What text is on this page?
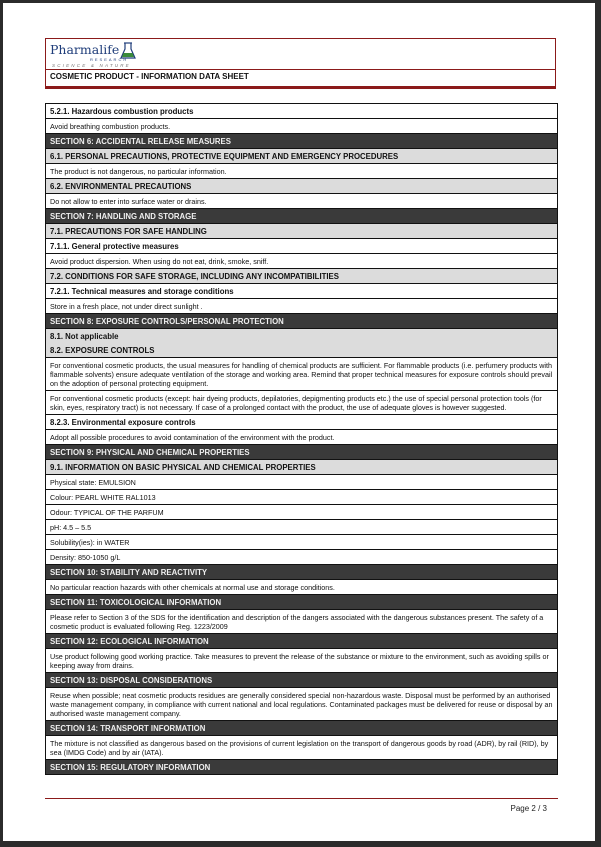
Pharmalife
RESEARCH
SCIENCE & NATURE
COSMETIC PRODUCT - INFORMATION DATA SHEET
5.2.1. Hazardous combustion products
Avoid breathing combustion products.
SECTION 6: ACCIDENTAL RELEASE MEASURES
6.1. PERSONAL PRECAUTIONS, PROTECTIVE EQUIPMENT AND EMERGENCY PROCEDURES
The product is not dangerous, no particular information.
6.2. ENVIRONMENTAL PRECAUTIONS
Do not allow to enter into surface water or drains.
SECTION 7: HANDLING AND STORAGE
7.1. PRECAUTIONS FOR SAFE HANDLING
7.1.1. General protective measures
Avoid product dispersion. When using do not eat, drink, smoke, sniff.
7.2. CONDITIONS FOR SAFE STORAGE, INCLUDING ANY INCOMPATIBILITIES
7.2.1. Technical measures and storage conditions
Store in a fresh place, not under direct sunlight .
SECTION 8: EXPOSURE CONTROLS/PERSONAL PROTECTION
8.1. Not applicable
8.2. EXPOSURE CONTROLS
For conventional cosmetic products, the usual measures for handling of chemical products are sufficient. For flammable products (i.e. perfumery products with flammable solvents) ensure adequate ventilation of the storage and working area. Remind that proper technical measures for exposure controls should prevail on the adoption of personal protecting equipment.
For conventional cosmetic products (except: hair dyeing products, depilatories, depigmenting products etc.) the use of special personal protection tools (for skin, eyes, respiratory tract) is not necessary. If case of a prolonged contact with the product, the use of adequate gloves is however suggested.
8.2.3. Environmental exposure controls
Adopt all possible procedures to avoid contamination of the environment with the product.
SECTION 9: PHYSICAL AND CHEMICAL PROPERTIES
9.1. INFORMATION ON BASIC PHYSICAL AND CHEMICAL PROPERTIES
Physical state: EMULSION
Colour: PEARL WHITE RAL1013
Odour: TYPICAL OF THE PARFUM
pH: 4.5 – 5.5
Solubility(ies): in WATER
Density: 850-1050 g/L
SECTION 10: STABILITY AND REACTIVITY
No particular reaction hazards with other chemicals at normal use and storage conditions.
SECTION 11: TOXICOLOGICAL INFORMATION
Please refer to Section 3 of the SDS for the identification and description of the dangers associated with the dangerous substances present. The safety of a cosmetic product is evaluated following Reg. 1223/2009
SECTION 12: ECOLOGICAL INFORMATION
Use product following good working practice. Take measures to prevent the release of the substance or mixture to the environment, such as avoiding spills or keeping away from drains.
SECTION 13: DISPOSAL CONSIDERATIONS
Reuse when possible; neat cosmetic products residues are generally considered special non-hazardous waste. Disposal must be performed by an authorised waste management company, in compliance with current national and local regulations. Contaminated packages must be delivered for reuse or disposal by an authorised waste management company.
SECTION 14: TRANSPORT INFORMATION
The mixture is not classified as dangerous based on the provisions of current legislation on the transport of dangerous goods by road (ADR), by rail (RID), by sea (IMDG Code) and by air (IATA).
SECTION 15: REGULATORY INFORMATION
Page 2 / 3
